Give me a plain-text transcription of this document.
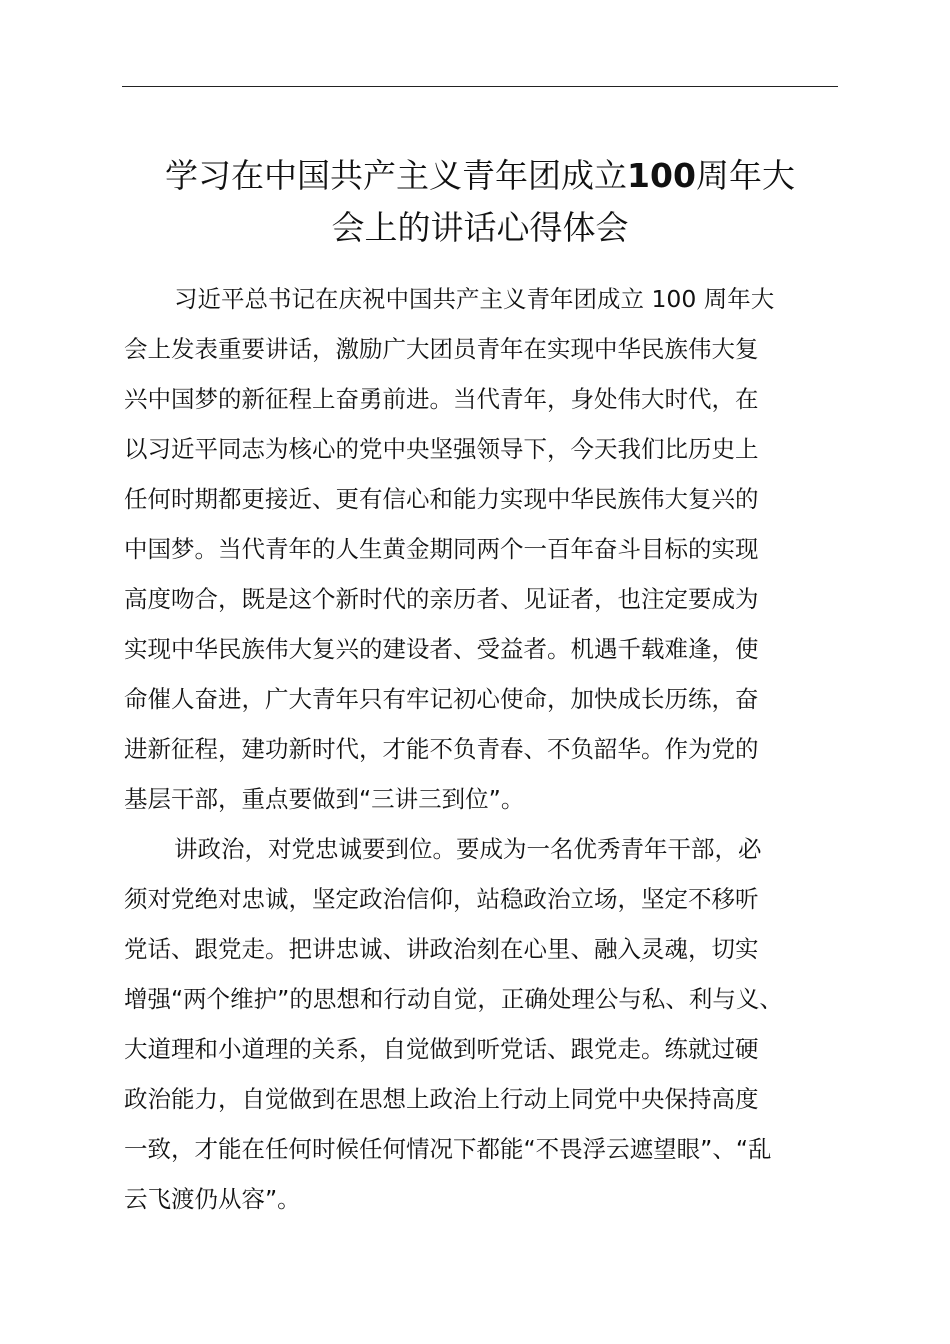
学习在中国共产主义青年团成立100周年大
会上的讲话心得体会
习近平总书记在庆祝中国共产主义青年团成立 100 周年大
会上发表重要讲话，激励广大团员青年在实现中华民族伟大复
兴中国梦的新征程上奋勇前进。当代青年，身处伟大时代，在
以习近平同志为核心的党中央坚强领导下，今天我们比历史上
任何时期都更接近、更有信心和能力实现中华民族伟大复兴的
中国梦。当代青年的人生黄金期同两个一百年奋斗目标的实现
高度吻合，既是这个新时代的亲历者、见证者，也注定要成为
实现中华民族伟大复兴的建设者、受益者。机遇千载难逢，使
命催人奋进，广大青年只有牢记初心使命，加快成长历练，奋
进新征程，建功新时代，才能不负青春、不负韶华。作为党的
基层干部，重点要做到“三讲三到位”。
讲政治，对党忠诚要到位。要成为一名优秀青年干部，必
须对党绝对忠诚，坚定政治信仰，站稳政治立场，坚定不移听
党话、跟党走。把讲忠诚、讲政治刻在心里、融入灵魂，切实
增强“两个维护”的思想和行动自觉，正确处理公与私、利与义、
大道理和小道理的关系，自觉做到听党话、跟党走。练就过硬
政治能力，自觉做到在思想上政治上行动上同党中央保持高度
一致，才能在任何时候任何情况下都能“不畏浮云遮望眼”、“乱
云飞渡仍从容”。
